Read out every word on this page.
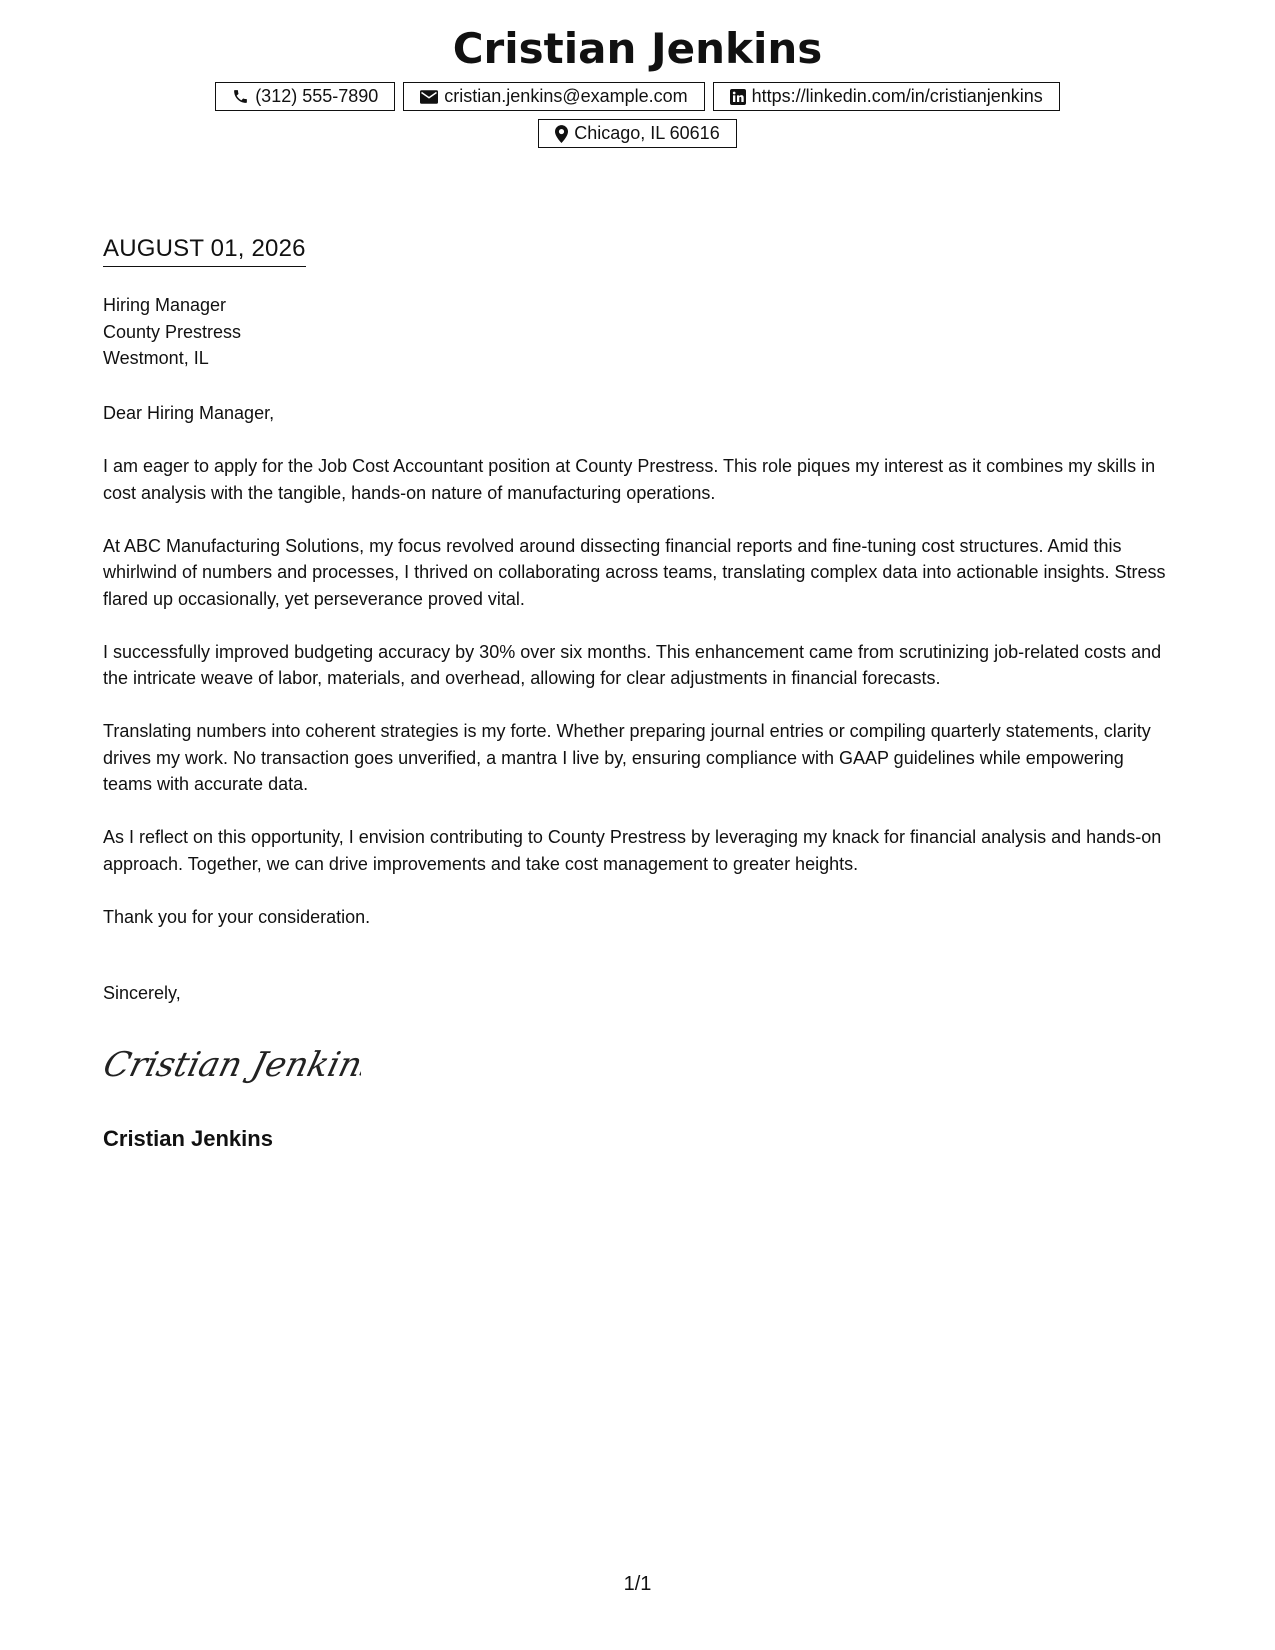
Cristian Jenkins
(312) 555-7890	cristian.jenkins@example.com	https://linkedin.com/in/cristianjenkins
Chicago, IL 60616
AUGUST 01, 2026
Hiring Manager
County Prestress
Westmont, IL

Dear Hiring Manager,

I am eager to apply for the Job Cost Accountant position at County Prestress. This role piques my interest as it combines my skills in cost analysis with the tangible, hands-on nature of manufacturing operations.

At ABC Manufacturing Solutions, my focus revolved around dissecting financial reports and fine-tuning cost structures. Amid this whirlwind of numbers and processes, I thrived on collaborating across teams, translating complex data into actionable insights. Stress flared up occasionally, yet perseverance proved vital.

I successfully improved budgeting accuracy by 30% over six months. This enhancement came from scrutinizing job-related costs and the intricate weave of labor, materials, and overhead, allowing for clear adjustments in financial forecasts.

Translating numbers into coherent strategies is my forte. Whether preparing journal entries or compiling quarterly statements, clarity drives my work. No transaction goes unverified, a mantra I live by, ensuring compliance with GAAP guidelines while empowering teams with accurate data.

As I reflect on this opportunity, I envision contributing to County Prestress by leveraging my knack for financial analysis and hands-on approach. Together, we can drive improvements and take cost management to greater heights.

Thank you for your consideration.

Sincerely,
Cristian Jenkins
Cristian Jenkins
1/1
